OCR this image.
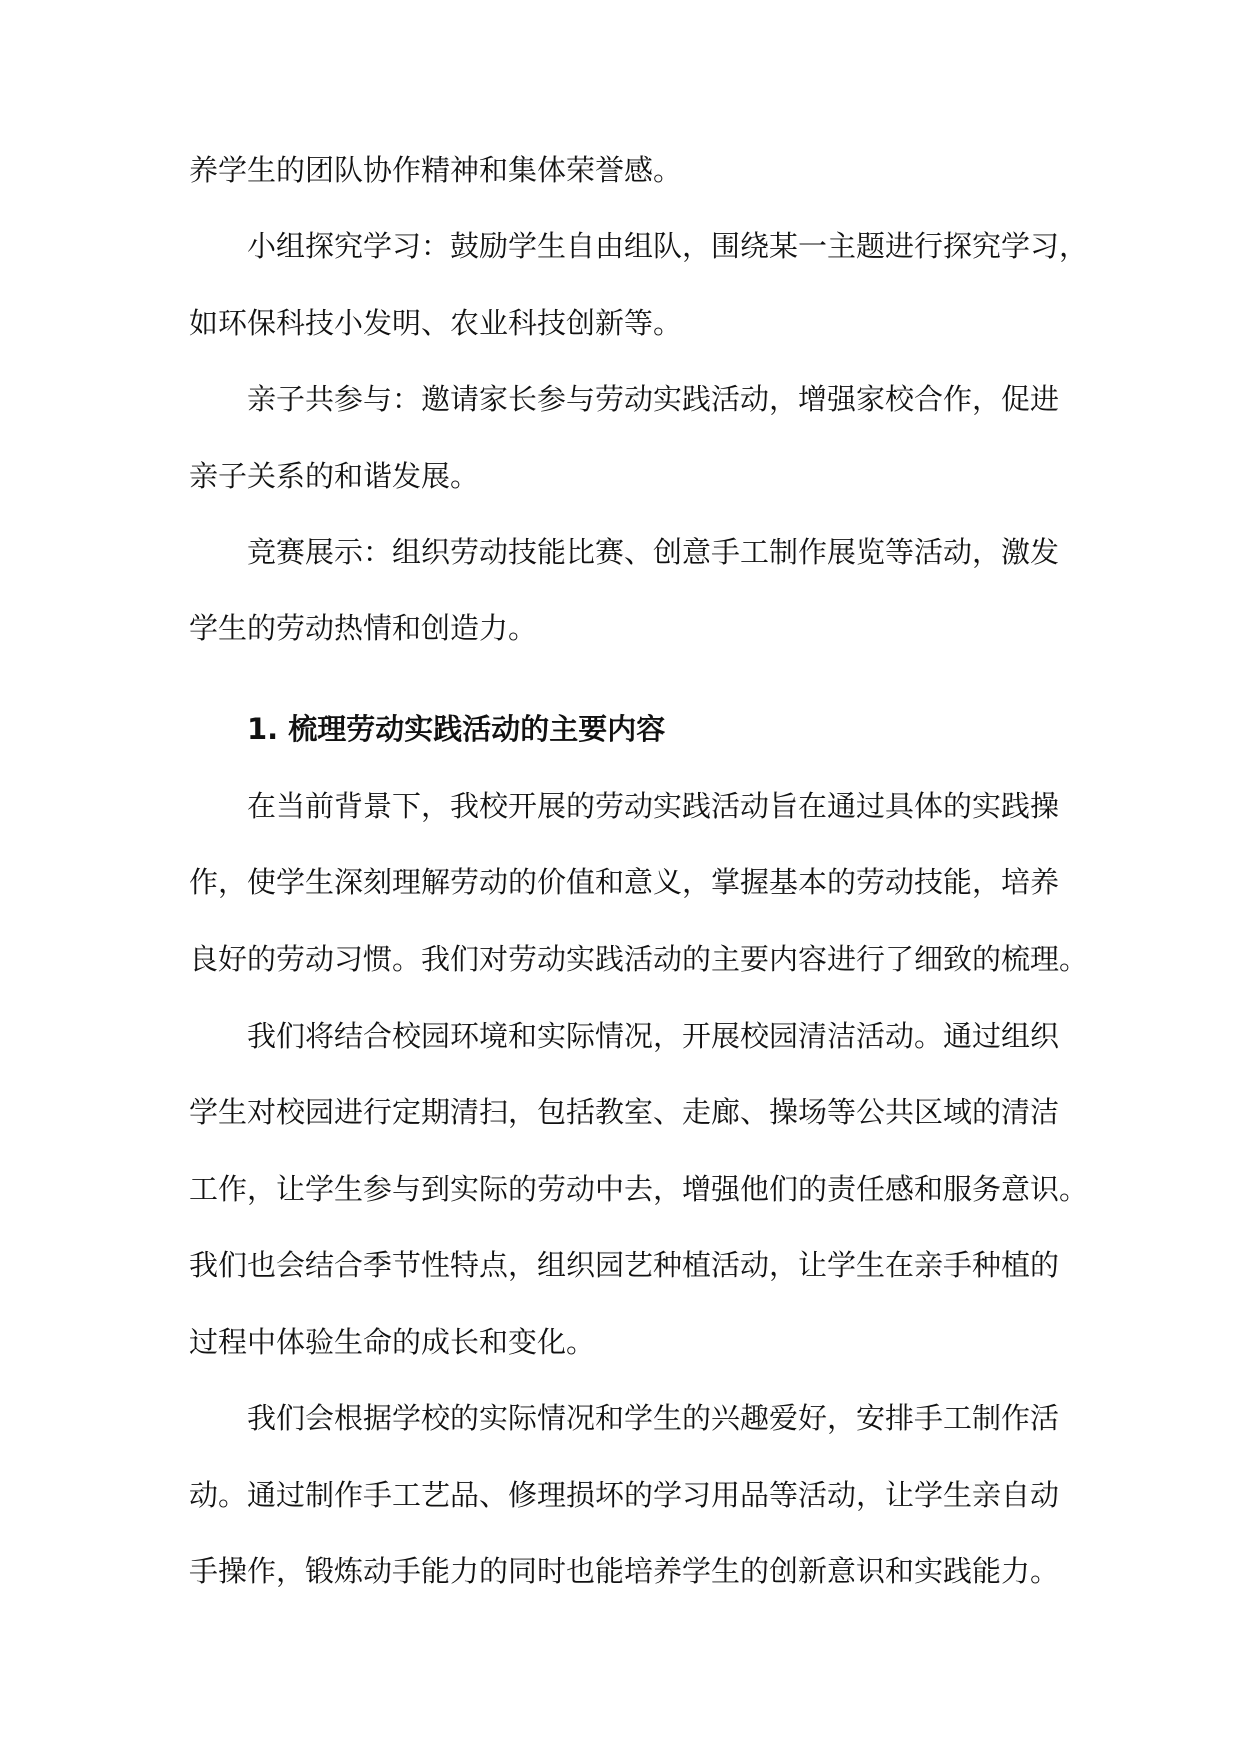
养学生的团队协作精神和集体荣誉感。
小组探究学习：鼓励学生自由组队，围绕某一主题进行探究学习，
如环保科技小发明、农业科技创新等。
亲子共参与：邀请家长参与劳动实践活动，增强家校合作，促进
亲子关系的和谐发展。
竞赛展示：组织劳动技能比赛、创意手工制作展览等活动，激发
学生的劳动热情和创造力。
1. 梳理劳动实践活动的主要内容
在当前背景下，我校开展的劳动实践活动旨在通过具体的实践操
作，使学生深刻理解劳动的价值和意义，掌握基本的劳动技能，培养
良好的劳动习惯。我们对劳动实践活动的主要内容进行了细致的梳理。
我们将结合校园环境和实际情况，开展校园清洁活动。通过组织
学生对校园进行定期清扫，包括教室、走廊、操场等公共区域的清洁
工作，让学生参与到实际的劳动中去，增强他们的责任感和服务意识。
我们也会结合季节性特点，组织园艺种植活动，让学生在亲手种植的
过程中体验生命的成长和变化。
我们会根据学校的实际情况和学生的兴趣爱好，安排手工制作活
动。通过制作手工艺品、修理损坏的学习用品等活动，让学生亲自动
手操作，锻炼动手能力的同时也能培养学生的创新意识和实践能力。
